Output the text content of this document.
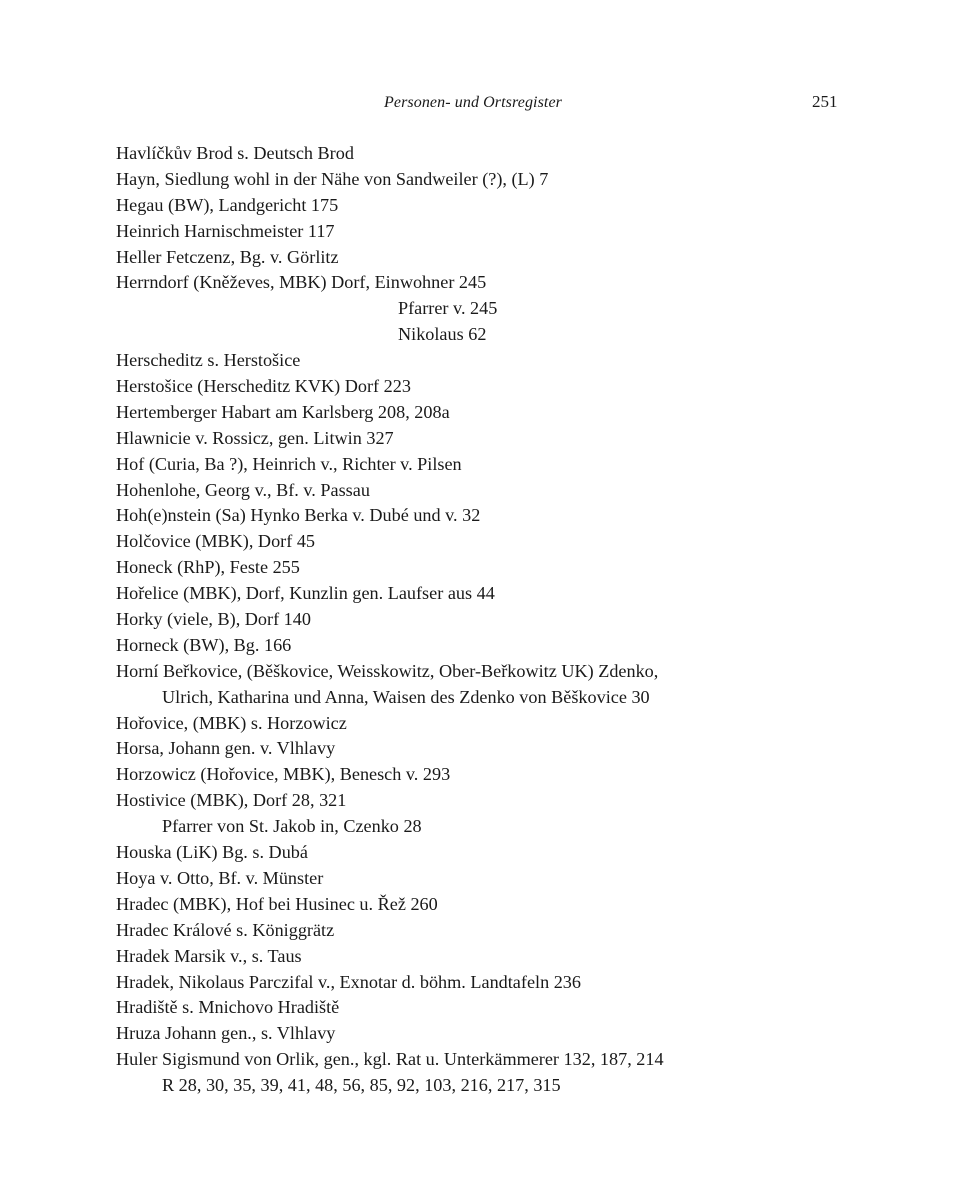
Personen- und Ortsregister	251
Havlíčkův Brod s. Deutsch Brod
Hayn, Siedlung wohl in der Nähe von Sandweiler (?), (L) 7
Hegau (BW), Landgericht 175
Heinrich Harnischmeister 117
Heller Fetczenz, Bg. v. Görlitz
Herrndorf (Kněževes, MBK) Dorf, Einwohner 245
Pfarrer v. 245
Nikolaus 62
Herscheditz s. Herstošice
Herstošice (Herscheditz KVK) Dorf 223
Hertemberger Habart am Karlsberg 208, 208a
Hlawnicie v. Rossicz, gen. Litwin 327
Hof (Curia, Ba ?), Heinrich v., Richter v. Pilsen
Hohenlohe, Georg v., Bf. v. Passau
Hoh(e)nstein (Sa) Hynko Berka v. Dubé und v. 32
Holčovice (MBK), Dorf 45
Honeck (RhP), Feste 255
Hořelice (MBK), Dorf, Kunzlin gen. Laufser aus 44
Horky (viele, B), Dorf 140
Horneck (BW), Bg. 166
Horní Beřkovice, (Běškovice, Weisskowitz, Ober-Beřkowitz UK) Zdenko,
Ulrich, Katharina und Anna, Waisen des Zdenko von Běškovice 30
Hořovice, (MBK) s. Horzowicz
Horsa, Johann gen. v. Vlhlavy
Horzowicz (Hořovice, MBK), Benesch v. 293
Hostivice (MBK), Dorf 28, 321
Pfarrer von St. Jakob in, Czenko 28
Houska (LiK) Bg. s. Dubá
Hoya v. Otto, Bf. v. Münster
Hradec (MBK), Hof bei Husinec u. Řež 260
Hradec Králové s. Königgrätz
Hradek Marsik v., s. Taus
Hradek, Nikolaus Parczifal v., Exnotar d. böhm. Landtafeln 236
Hradiště s. Mnichovo Hradiště
Hruza Johann gen., s. Vlhlavy
Huler Sigismund von Orlik, gen., kgl. Rat u. Unterkämmerer 132, 187, 214
R 28, 30, 35, 39, 41, 48, 56, 85, 92, 103, 216, 217, 315
